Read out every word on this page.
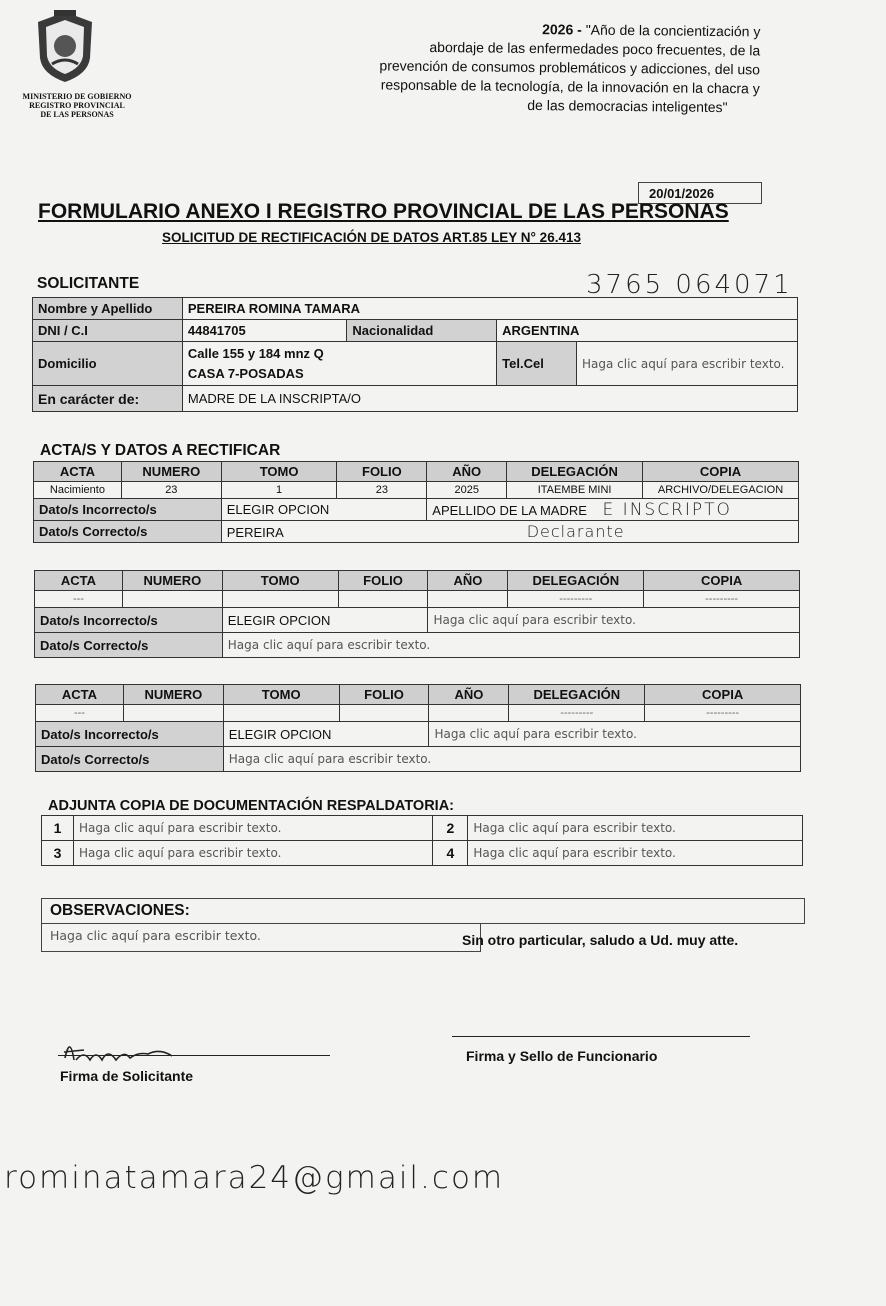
MINISTERIO DE GOBIERNO
REGISTRO PROVINCIAL
DE LAS PERSONAS
2026 - "Año de la concientización y
abordaje de las enfermedades poco frecuentes, de la
prevención de consumos problemáticos y adicciones, del uso
responsable de la tecnología, de la innovación en la chacra y
de las democracias inteligentes"
20/01/2026
FORMULARIO ANEXO I REGISTRO PROVINCIAL DE LAS PERSONAS
SOLICITUD DE RECTIFICACIÓN DE DATOS ART.85 LEY N° 26.413
SOLICITANTE	3765 064071
Nombre y Apellido	PEREIRA ROMINA TAMARA			
DNI / C.I	44841705	Nacionalidad	ARGENTINA	
Domicilio	Calle 155 y 184 mnz Q
CASA 7-POSADAS		Tel.Cel	Haga clic aquí para escribir texto.
En carácter de:	MADRE DE LA INSCRIPTA/O			
ACTA/S Y DATOS A RECTIFICAR
ACTA	NUMERO	TOMO	FOLIO	AÑO	DELEGACIÓN	COPIA
Nacimiento	23	1	23	2025	ITAEMBE MINI	ARCHIVO/DELEGACION
Dato/s Incorrecto/s		ELEGIR OPCION		APELLIDO DE LA MADRE E INSCRIPTO		
Dato/s Correcto/s		PEREIRA Declarante				
ACTA	NUMERO	TOMO	FOLIO	AÑO	DELEGACIÓN	COPIA
---					---------	---------
Dato/s Incorrecto/s		ELEGIR OPCION		Haga clic aquí para escribir texto.		
Dato/s Correcto/s		Haga clic aquí para escribir texto.				
ACTA	NUMERO	TOMO	FOLIO	AÑO	DELEGACIÓN	COPIA
---					---------	---------
Dato/s Incorrecto/s		ELEGIR OPCION		Haga clic aquí para escribir texto.		
Dato/s Correcto/s		Haga clic aquí para escribir texto.				
ADJUNTA COPIA DE DOCUMENTACIÓN RESPALDATORIA:
1	Haga clic aquí para escribir texto.	2	Haga clic aquí para escribir texto.
3	Haga clic aquí para escribir texto.	4	Haga clic aquí para escribir texto.
OBSERVACIONES:
Haga clic aquí para escribir texto.	Sin otro particular, saludo a Ud. muy atte.
Firma de Solicitante
Firma y Sello de Funcionario
rominatamara24@gmail.com
